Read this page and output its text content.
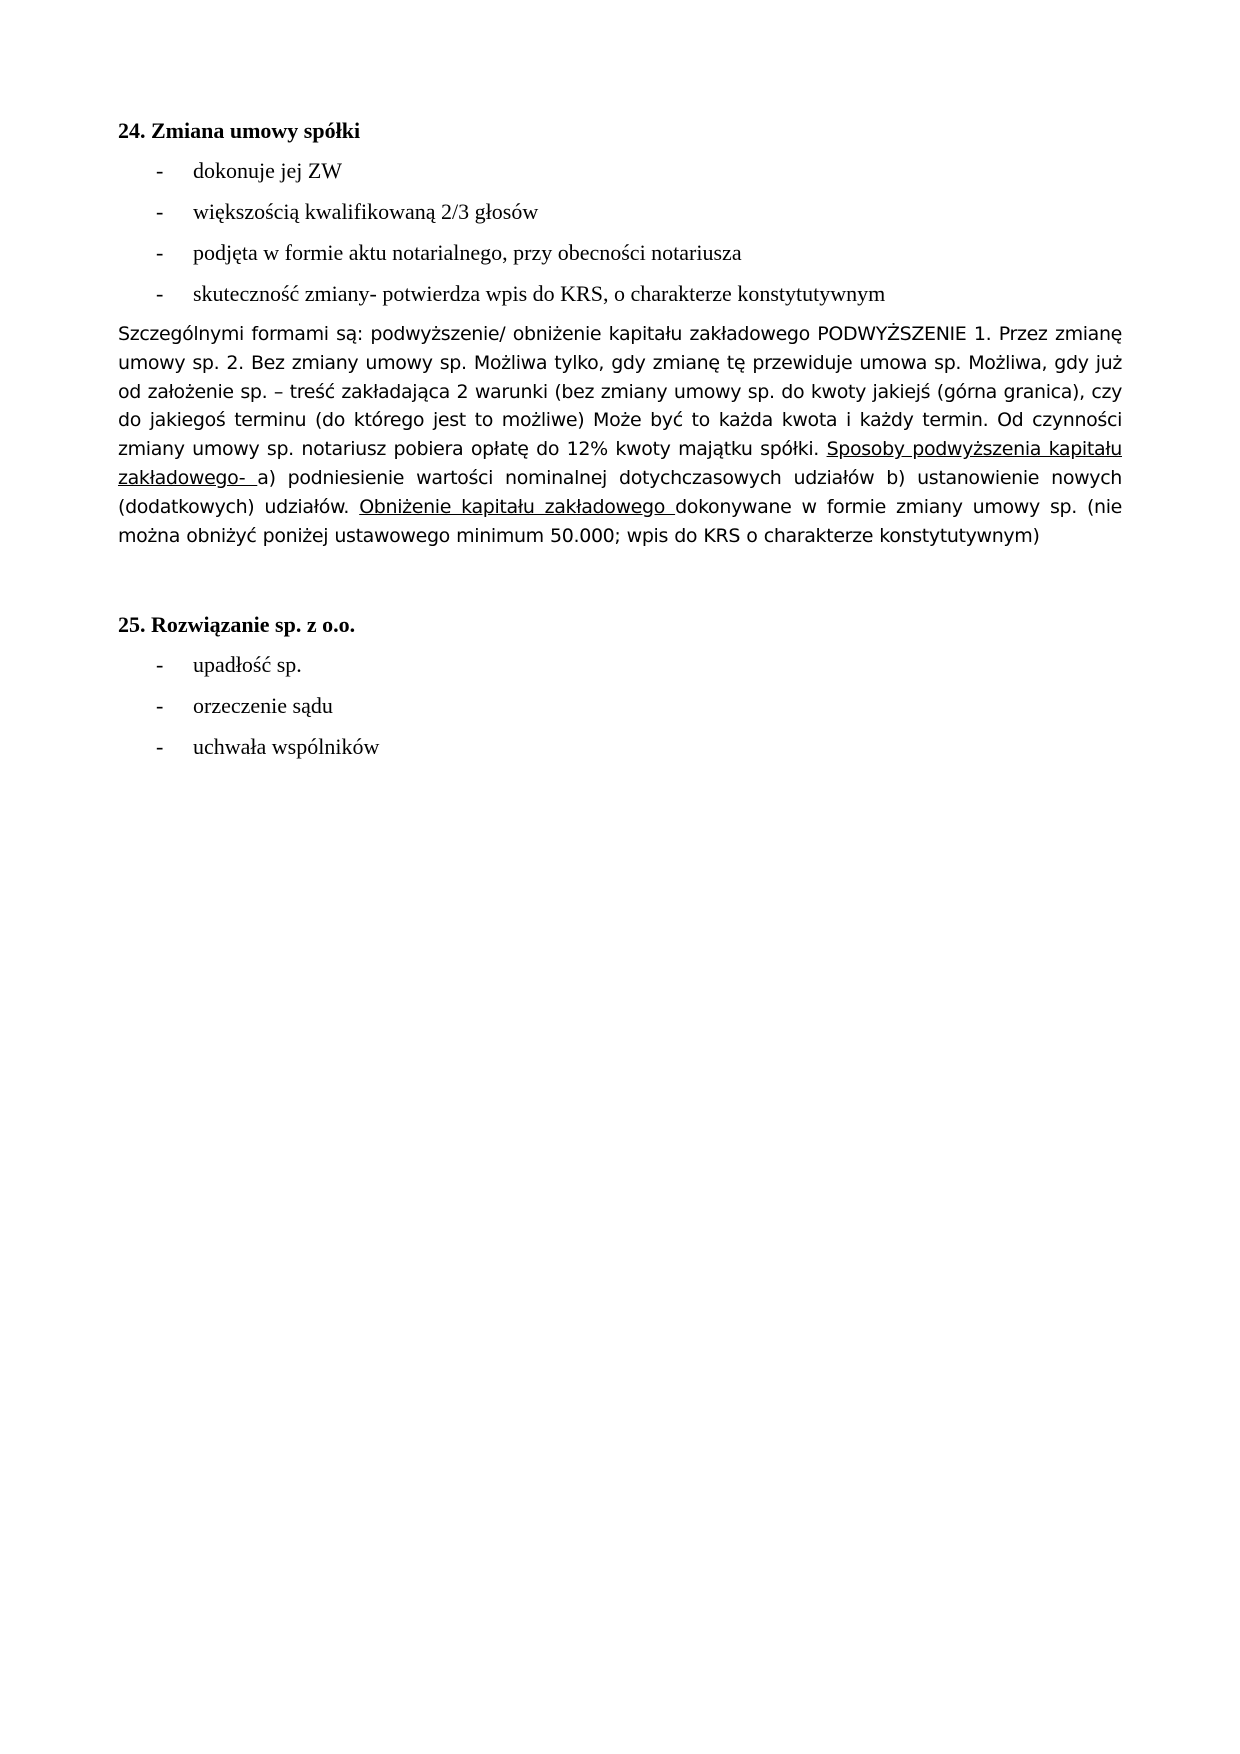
24. Zmiana umowy spółki
- dokonuje jej ZW
- większością kwalifikowaną 2/3 głosów
- podjęta w formie aktu notarialnego, przy obecności notariusza
- skuteczność zmiany- potwierdza wpis do KRS, o charakterze konstytutywnym

Szczególnymi formami są: podwyższenie/ obniżenie kapitału zakładowego PODWYŻSZENIE 1. Przez zmianę umowy sp. 2. Bez zmiany umowy sp. Możliwa tylko, gdy zmianę tę przewiduje umowa sp. Możliwa, gdy już od założenie sp. – treść zakładająca 2 warunki (bez zmiany umowy sp. do kwoty jakiejś (górna granica), czy do jakiegoś terminu (do którego jest to możliwe) Może być to każda kwota i każdy termin. Od czynności zmiany umowy sp. notariusz pobiera opłatę do 12% kwoty majątku spółki. Sposoby podwyższenia kapitału zakładowego- a) podniesienie wartości nominalnej dotychczasowych udziałów b) ustanowienie nowych (dodatkowych) udziałów. Obniżenie kapitału zakładowego dokonywane w formie zmiany umowy sp. (nie można obniżyć poniżej ustawowego minimum 50.000; wpis do KRS o charakterze konstytutywnym)

25. Rozwiązanie sp. z o.o.
- upadłość sp.
- orzeczenie sądu
- uchwała wspólników
